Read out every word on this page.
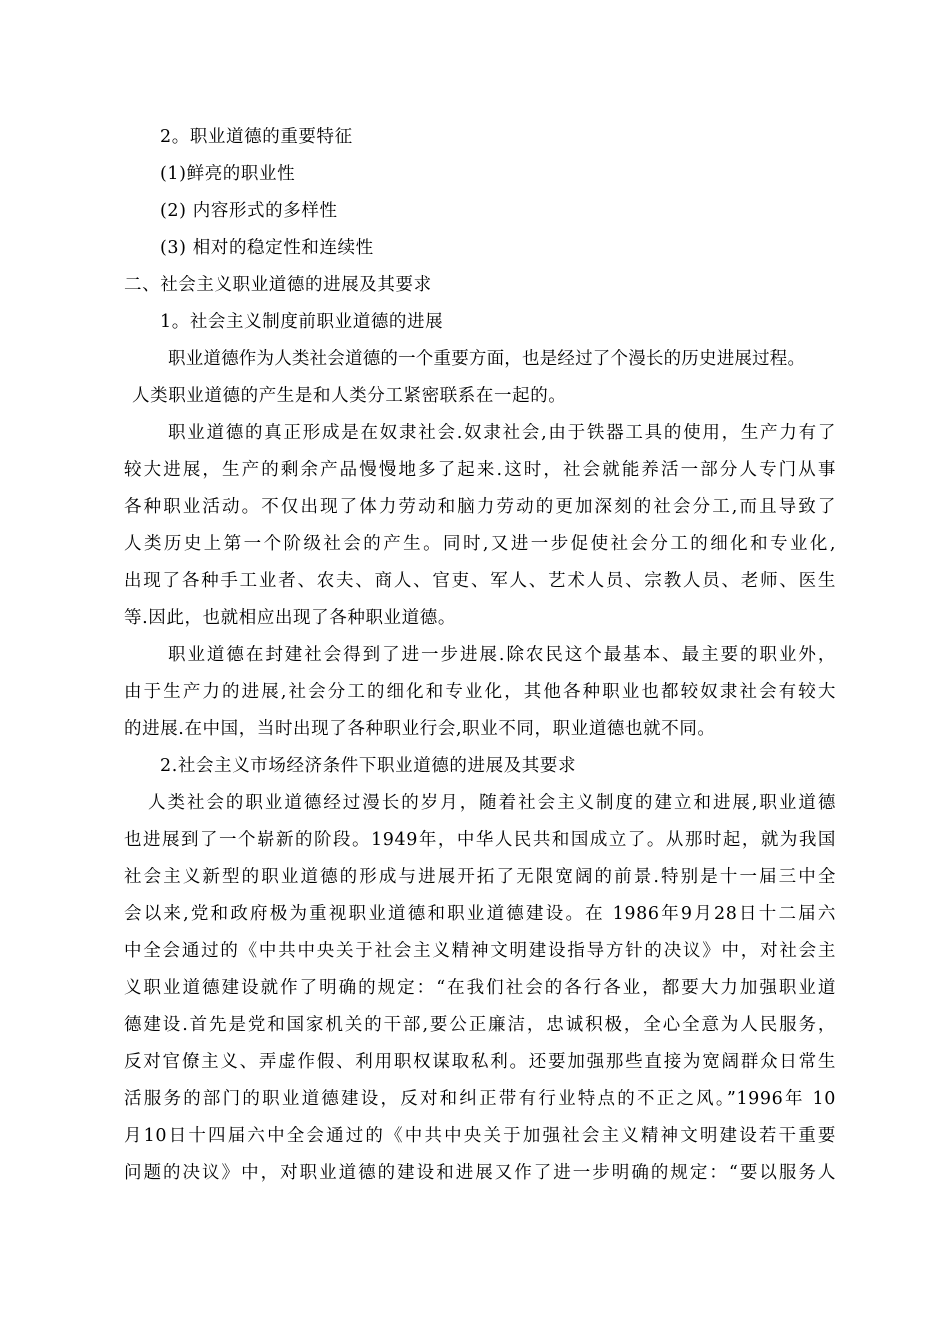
2。职业道德的重要特征
(1)鲜亮的职业性
(2) 内容形式的多样性
(3) 相对的稳定性和连续性
二、社会主义职业道德的进展及其要求
1。社会主义制度前职业道德的进展
职业道德作为人类社会道德的一个重要方面，也是经过了个漫长的历史进展过程。
人类职业道德的产生是和人类分工紧密联系在一起的。
职业道德的真正形成是在奴隶社会.奴隶社会,由于铁器工具的使用，生产力有了
较大进展，生产的剩余产品慢慢地多了起来.这时，社会就能养活一部分人专门从事
各种职业活动。不仅出现了体力劳动和脑力劳动的更加深刻的社会分工,而且导致了
人类历史上第一个阶级社会的产生。同时,又进一步促使社会分工的细化和专业化,
出现了各种手工业者、农夫、商人、官吏、军人、艺术人员、宗教人员、老师、医生
等.因此，也就相应出现了各种职业道德。
职业道德在封建社会得到了进一步进展.除农民这个最基本、最主要的职业外，
由于生产力的进展,社会分工的细化和专业化，其他各种职业也都较奴隶社会有较大
的进展.在中国，当时出现了各种职业行会,职业不同，职业道德也就不同。
2.社会主义市场经济条件下职业道德的进展及其要求
人类社会的职业道德经过漫长的岁月，随着社会主义制度的建立和进展,职业道德
也进展到了一个崭新的阶段。1949年，中华人民共和国成立了。从那时起，就为我国
社会主义新型的职业道德的形成与进展开拓了无限宽阔的前景.特别是十一届三中全
会以来,党和政府极为重视职业道德和职业道德建设。在 1986年9月28日十二届六
中全会通过的《中共中央关于社会主义精神文明建设指导方针的决议》中，对社会主
义职业道德建设就作了明确的规定：“在我们社会的各行各业，都要大力加强职业道
德建设.首先是党和国家机关的干部,要公正廉洁，忠诚积极，全心全意为人民服务，
反对官僚主义、弄虚作假、利用职权谋取私利。还要加强那些直接为宽阔群众日常生
活服务的部门的职业道德建设，反对和纠正带有行业特点的不正之风。”1996年 10
月10日十四届六中全会通过的《中共中央关于加强社会主义精神文明建设若干重要
问题的决议》中，对职业道德的建设和进展又作了进一步明确的规定：“要以服务人
